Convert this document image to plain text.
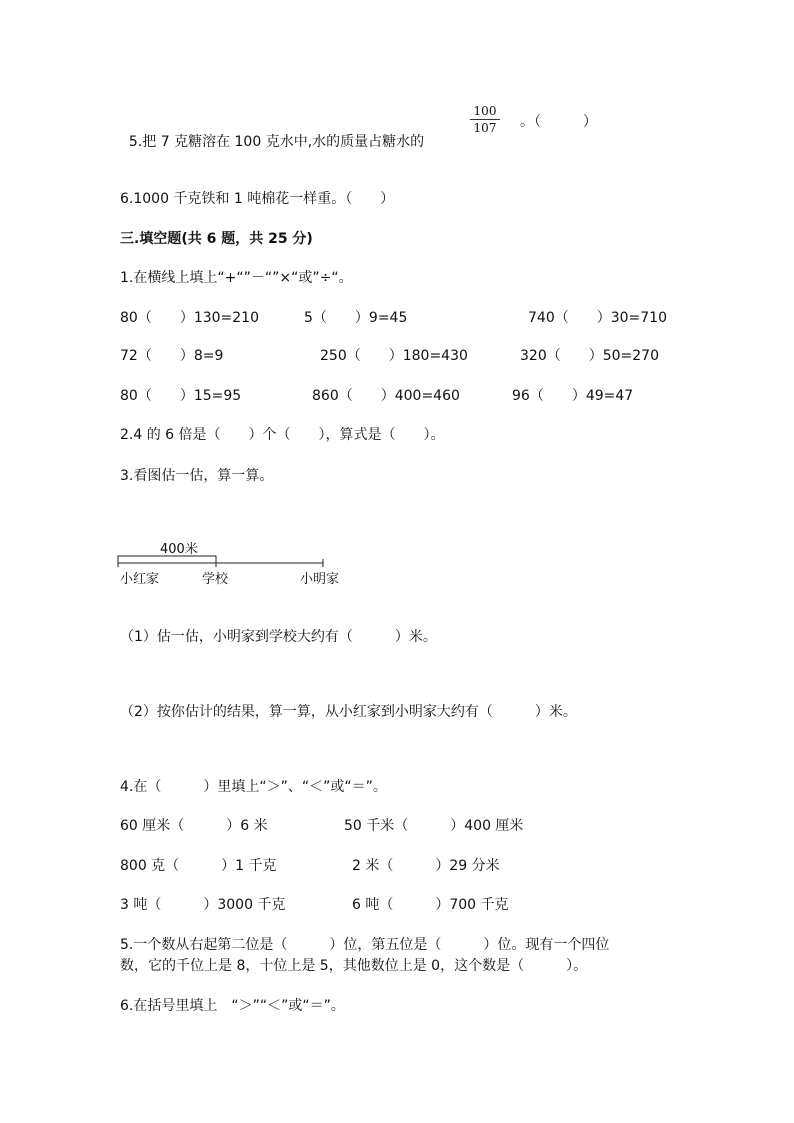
5.把 7 克糖溶在 100 克水中,水的质量占糖水的

100
107 。（　　　）
6.1000 千克铁和 1 吨棉花一样重。（　　）
三.填空题(共 6 题，共 25 分)
1.在横线上填上“+“”－“”×“或”÷“。
80（　　）130=210	5（　　）9=45	740（　　）30=710
72（　　）8=9	250（　　）180=430	320（　　）50=270
80（　　）15=95	860（　　）400=460	96（　　）49=47
2.4 的 6 倍是（　　）个（　　），算式是（　　）。
3.看图估一估，算一算。
400米
小红家	学校	小明家
（1）估一估，小明家到学校大约有（　　　）米。
（2）按你估计的结果，算一算，从小红家到小明家大约有（　　　）米。
4.在（　　　）里填上“＞”、“＜”或“＝”。
60 厘米（　　　）6 米	50 千米（　　　）400 厘米
800 克（　　　）1 千克	2 米（　　　）29 分米
3 吨（　　　）3000 千克	6 吨（　　　）700 千克
5.一个数从右起第二位是（　　　）位，第五位是（　　　）位。现有一个四位
数，它的千位上是 8，十位上是 5，其他数位上是 0，这个数是（　　　）。
6.在括号里填上　“＞”“＜”或“＝”。
